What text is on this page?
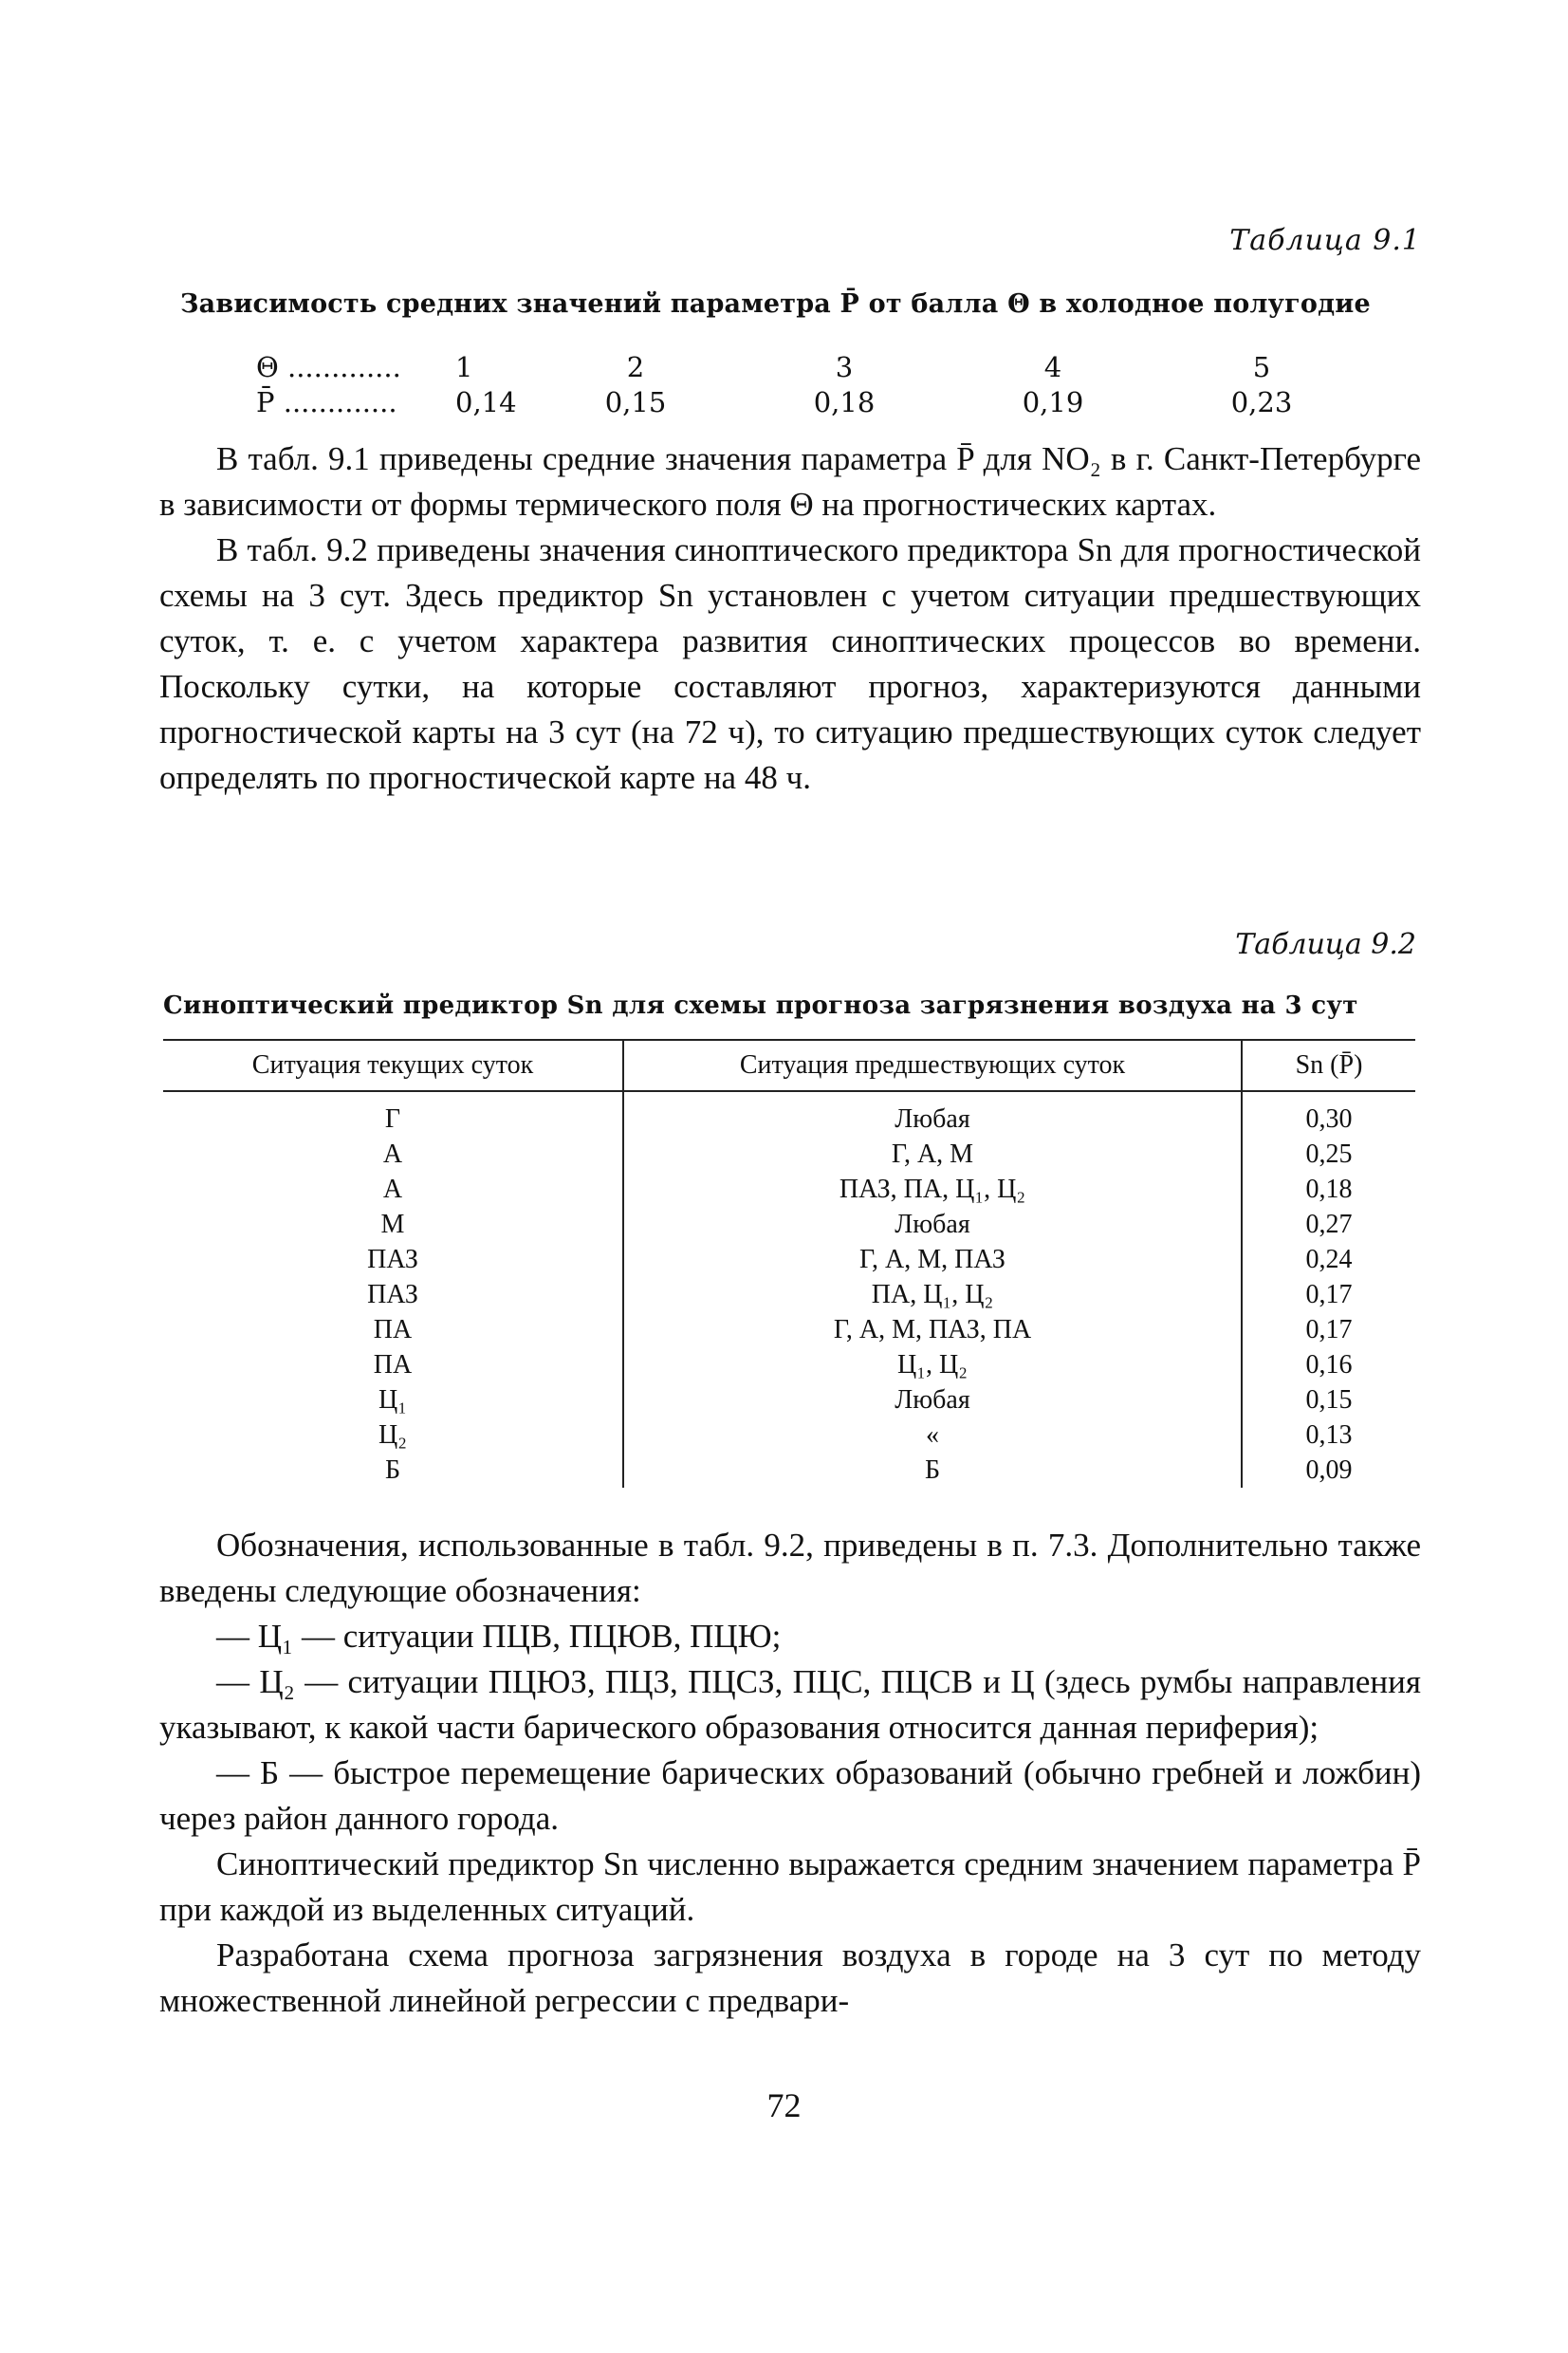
Таблица 9.1
Зависимость средних значений параметра P̄ от балла Θ в холодное полугодие
Θ ............. 1	2	3	4	5
P̄ ............. 0,14	0,15	0,18	0,19	0,23

В табл. 9.1 приведены средние значения параметра P̄ для NO₂ в г. Санкт-Петербурге в зависимости от формы термического поля Θ на прогностических картах.

В табл. 9.2 приведены значения синоптического предиктора Sn для прогностической схемы на 3 сут. Здесь предиктор Sn установлен с учетом ситуации предшествующих суток, т. е. с учетом характера развития синоптических процессов во времени. Поскольку сутки, на которые составляют прогноз, характеризуются данными прогностической карты на 3 сут (на 72 ч), то ситуацию предшествующих суток следует определять по прогностической карте на 48 ч.

Таблица 9.2
Синоптический предиктор Sn для схемы прогноза загрязнения воздуха на 3 сут
Ситуация текущих суток	Ситуация предшествующих суток	Sn (P̄)
Г	Любая	0,30
А	Г, А, М	0,25
А	ПАЗ, ПА, Ц₁, Ц₂	0,18
М	Любая	0,27
ПАЗ	Г, А, М, ПАЗ	0,24
ПАЗ	ПА, Ц₁, Ц₂	0,17
ПА	Г, А, М, ПАЗ, ПА	0,17
ПА	Ц₁, Ц₂	0,16
Ц₁	Любая	0,15
Ц₂	«	0,13
Б	Б	0,09

Обозначения, использованные в табл. 9.2, приведены в п. 7.3. Дополнительно также введены следующие обозначения:

— Ц₁ — ситуации ПЦВ, ПЦЮВ, ПЦЮ;

— Ц₂ — ситуации ПЦЮЗ, ПЦЗ, ПЦСЗ, ПЦС, ПЦСВ и Ц (здесь румбы направления указывают, к какой части барического образования относится данная периферия);

— Б — быстрое перемещение барических образований (обычно гребней и ложбин) через район данного города.

Синоптический предиктор Sn численно выражается средним значением параметра P̄ при каждой из выделенных ситуаций.

Разработана схема прогноза загрязнения воздуха в городе на 3 сут по методу множественной линейной регрессии с предвари-

72
